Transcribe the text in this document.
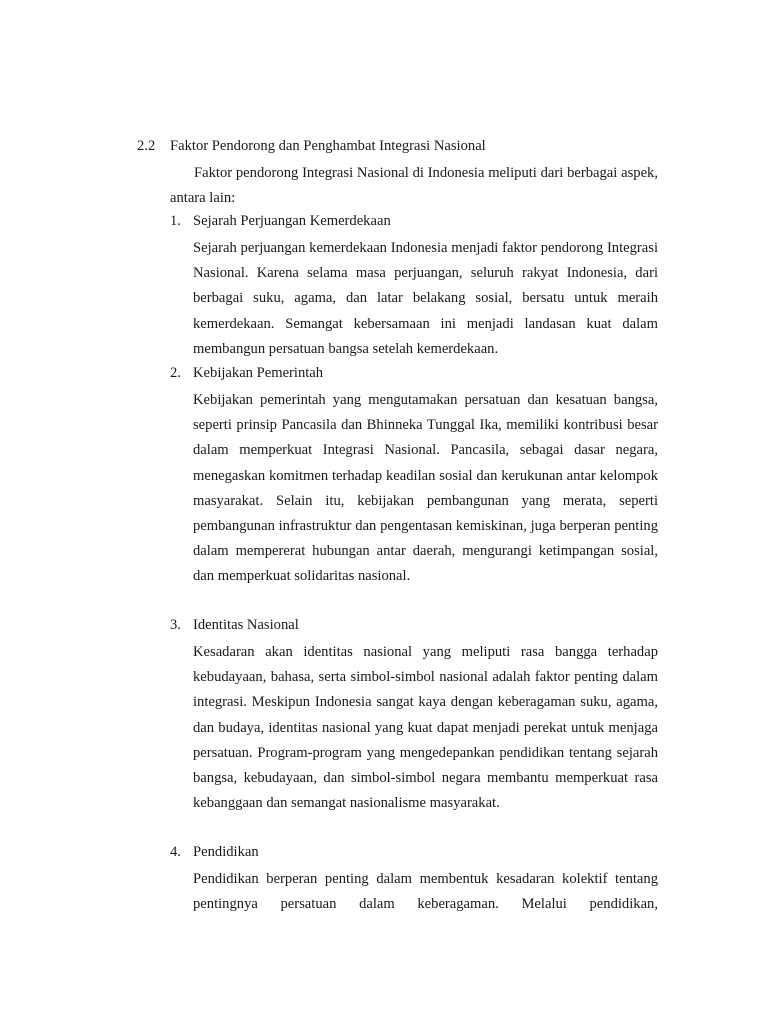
2.2 Faktor Pendorong dan Penghambat Integrasi Nasional

Faktor pendorong Integrasi Nasional di Indonesia meliputi dari berbagai aspek, antara lain:

1. Sejarah Perjuangan Kemerdekaan

Sejarah perjuangan kemerdekaan Indonesia menjadi faktor pendorong Integrasi Nasional. Karena selama masa perjuangan, seluruh rakyat Indonesia, dari berbagai suku, agama, dan latar belakang sosial, bersatu untuk meraih kemerdekaan. Semangat kebersamaan ini menjadi landasan kuat dalam membangun persatuan bangsa setelah kemerdekaan.

2. Kebijakan Pemerintah

Kebijakan pemerintah yang mengutamakan persatuan dan kesatuan bangsa, seperti prinsip Pancasila dan Bhinneka Tunggal Ika, memiliki kontribusi besar dalam memperkuat Integrasi Nasional. Pancasila, sebagai dasar negara, menegaskan komitmen terhadap keadilan sosial dan kerukunan antar kelompok masyarakat. Selain itu, kebijakan pembangunan yang merata, seperti pembangunan infrastruktur dan pengentasan kemiskinan, juga berperan penting dalam mempererat hubungan antar daerah, mengurangi ketimpangan sosial, dan memperkuat solidaritas nasional.

3. Identitas Nasional

Kesadaran akan identitas nasional yang meliputi rasa bangga terhadap kebudayaan, bahasa, serta simbol-simbol nasional adalah faktor penting dalam integrasi. Meskipun Indonesia sangat kaya dengan keberagaman suku, agama, dan budaya, identitas nasional yang kuat dapat menjadi perekat untuk menjaga persatuan. Program-program yang mengedepankan pendidikan tentang sejarah bangsa, kebudayaan, dan simbol-simbol negara membantu memperkuat rasa kebanggaan dan semangat nasionalisme masyarakat.

4. Pendidikan

Pendidikan berperan penting dalam membentuk kesadaran kolektif tentang pentingnya persatuan dalam keberagaman. Melalui pendidikan,
